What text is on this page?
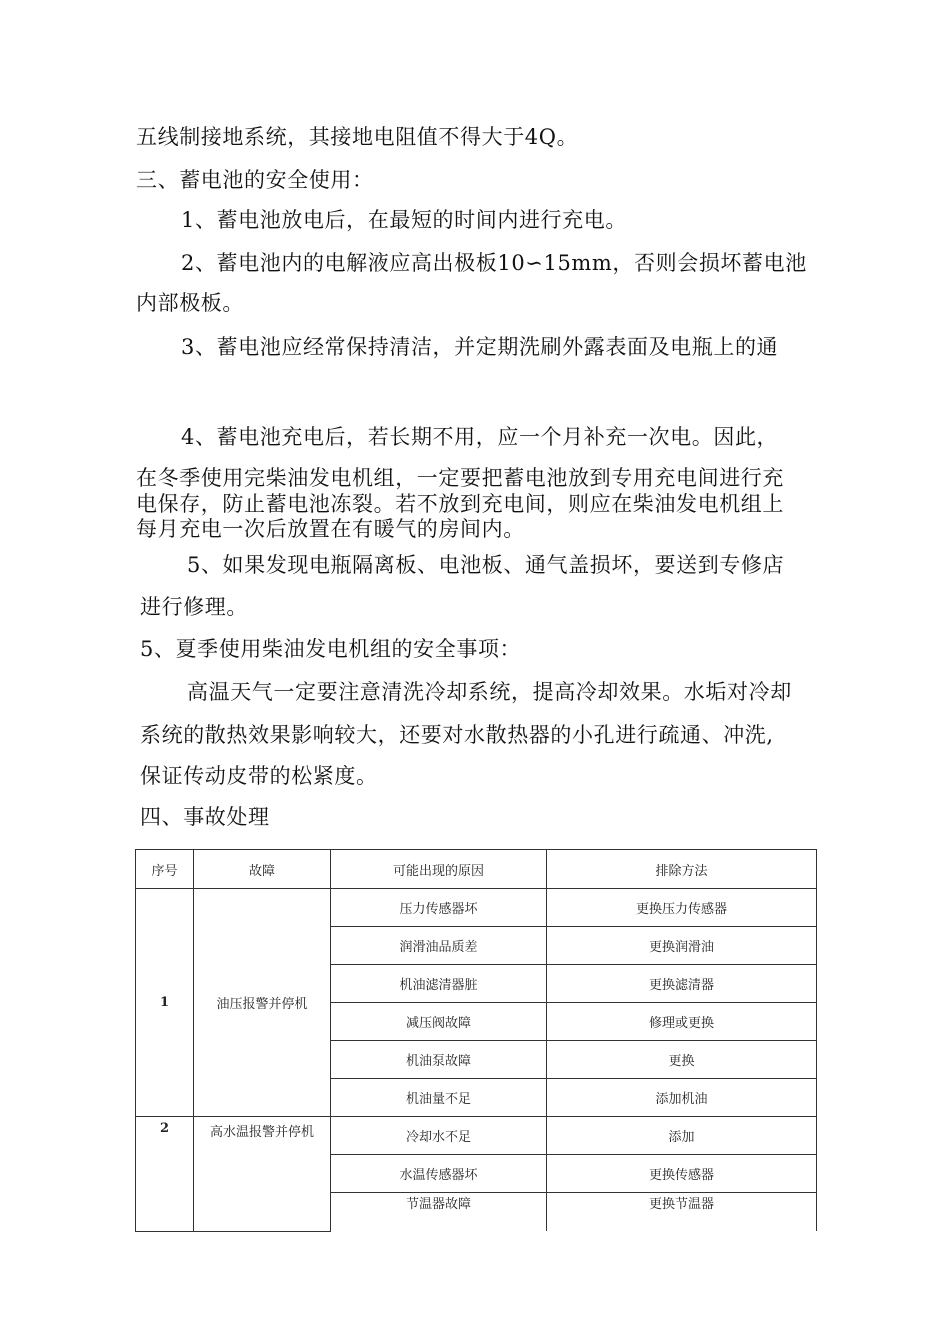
五线制接地系统，其接地电阻值不得大于4Q。
三、蓄电池的安全使用：
1、蓄电池放电后，在最短的时间内进行充电。
2、蓄电池内的电解液应高出极板10∽15mm，否则会损坏蓄电池
内部极板。
3、蓄电池应经常保持清洁，并定期洗刷外露表面及电瓶上的通
4、蓄电池充电后，若长期不用，应一个月补充一次电。因此，
在冬季使用完柴油发电机组，一定要把蓄电池放到专用充电间进行充
电保存，防止蓄电池冻裂。若不放到充电间，则应在柴油发电机组上
每月充电一次后放置在有暖气的房间内。
5、如果发现电瓶隔离板、电池板、通气盖损坏，要送到专修店
进行修理。
5、夏季使用柴油发电机组的安全事项：
高温天气一定要注意清洗冷却系统，提高冷却效果。水垢对冷却
系统的散热效果影响较大，还要对水散热器的小孔进行疏通、冲洗,
保证传动皮带的松紧度。
四、事故处理
序号	故障	可能出现的原因	排除方法
1	油压报警并停机	压力传感器坏	更换压力传感器
		润滑油品质差	更换润滑油
		机油滤清器脏	更换滤清器
		减压阀故障	修理或更换
		机油泵故障	更换
		机油量不足	添加机油
2	高水温报警并停机	冷却水不足	添加
		水温传感器坏	更换传感器
		节温器故障	更换节温器
